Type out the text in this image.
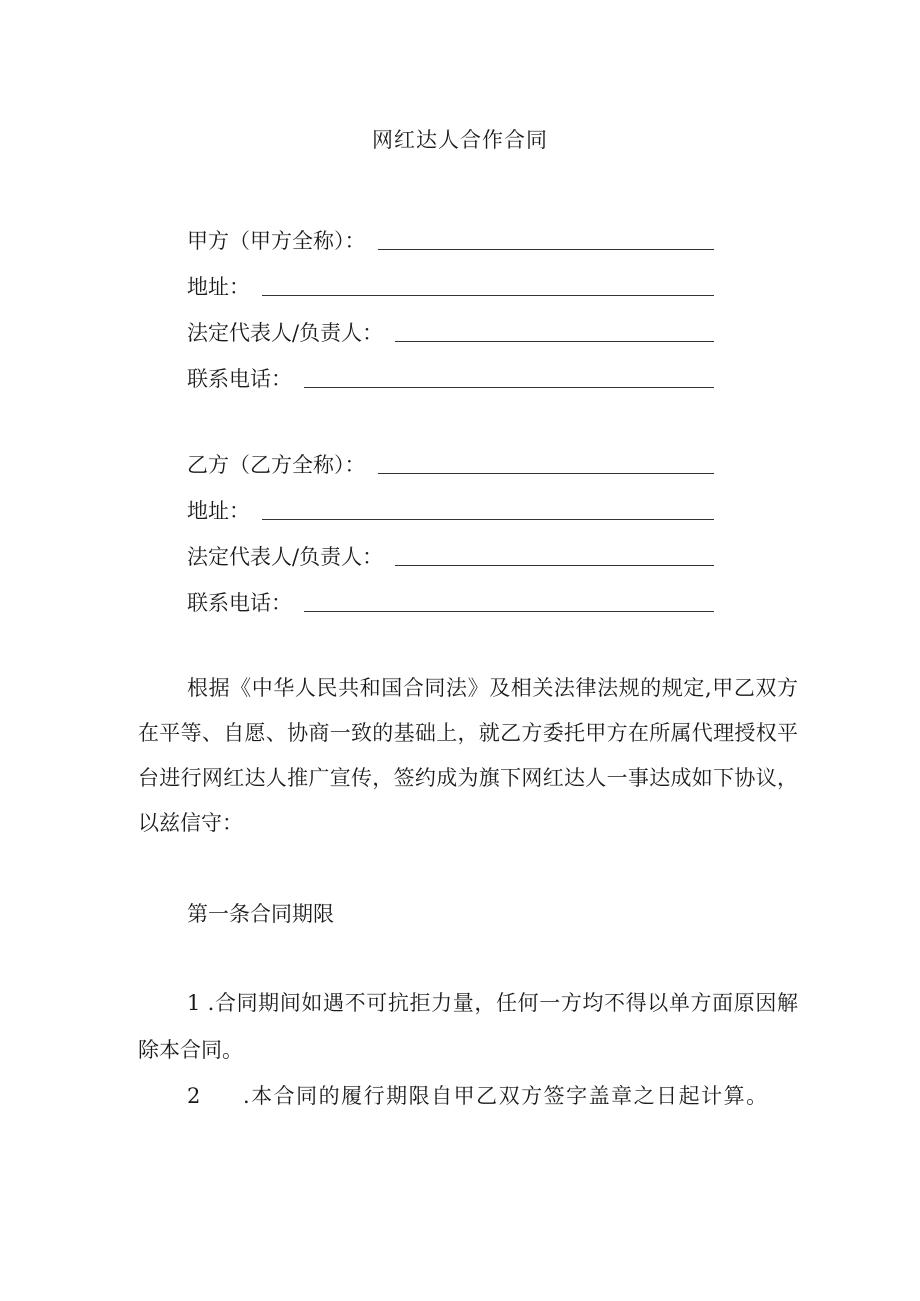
网红达人合作合同
甲方（甲方全称）：
地址：
法定代表人/负责人：
联系电话：
乙方（乙方全称）：
地址：
法定代表人/负责人：
联系电话：
根据《中华人民共和国合同法》及相关法律法规的规定,甲乙双方在平等、自愿、协商一致的基础上，就乙方委托甲方在所属代理授权平台进行网红达人推广宣传，签约成为旗下网红达人一事达成如下协议，以兹信守：
第一条合同期限
1 .合同期间如遇不可抗拒力量，任何一方均不得以单方面原因解除本合同。
2 .本合同的履行期限自甲乙双方签字盖章之日起计算。
